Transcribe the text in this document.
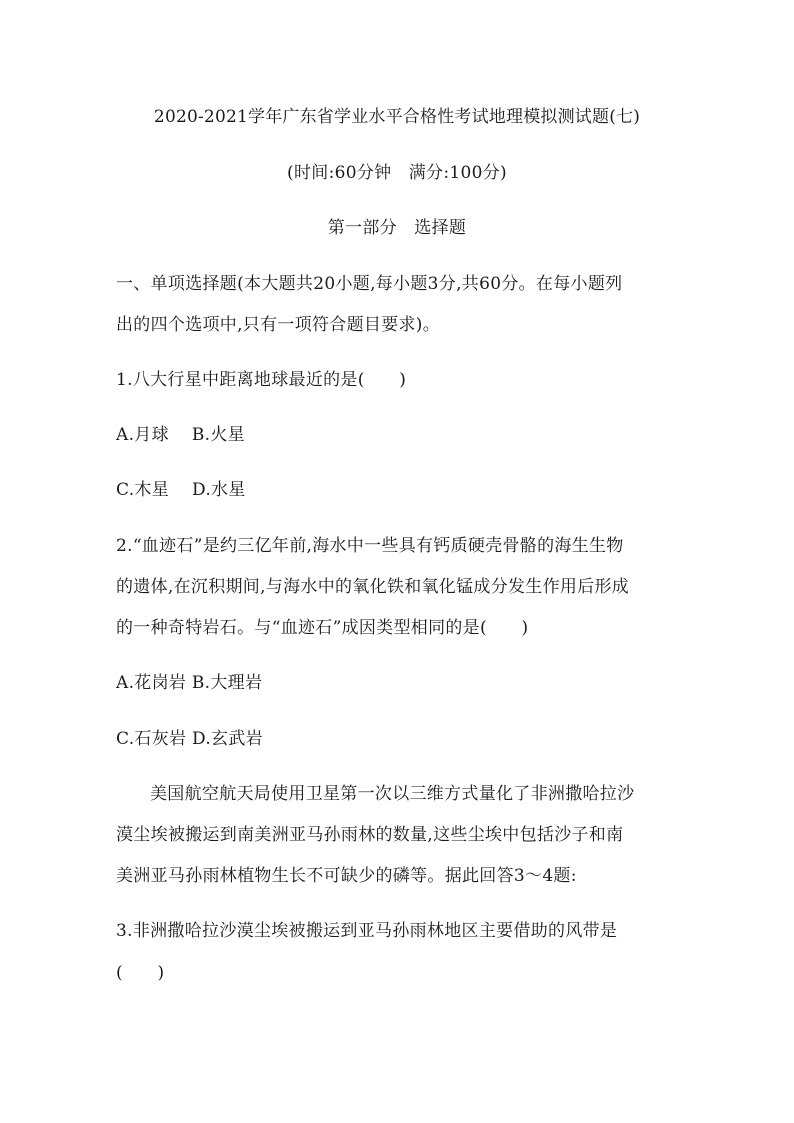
2020-2021学年广东省学业水平合格性考试地理模拟测试题(七)
(时间:60分钟　满分:100分)
第一部分　选择题
一、单项选择题(本大题共20小题,每小题3分,共60分。在每小题列
出的四个选项中,只有一项符合题目要求)。
1.八大行星中距离地球最近的是(　　)
A.月球　 B.火星
C.木星　 D.水星
2.“血迹石”是约三亿年前,海水中一些具有钙质硬壳骨骼的海生生物
的遗体,在沉积期间,与海水中的氧化铁和氧化锰成分发生作用后形成
的一种奇特岩石。与“血迹石”成因类型相同的是(　　)
A.花岗岩 B.大理岩
C.石灰岩 D.玄武岩
美国航空航天局使用卫星第一次以三维方式量化了非洲撒哈拉沙
漠尘埃被搬运到南美洲亚马孙雨林的数量,这些尘埃中包括沙子和南
美洲亚马孙雨林植物生长不可缺少的磷等。据此回答3～4题:
3.非洲撒哈拉沙漠尘埃被搬运到亚马孙雨林地区主要借助的风带是
(　　)
